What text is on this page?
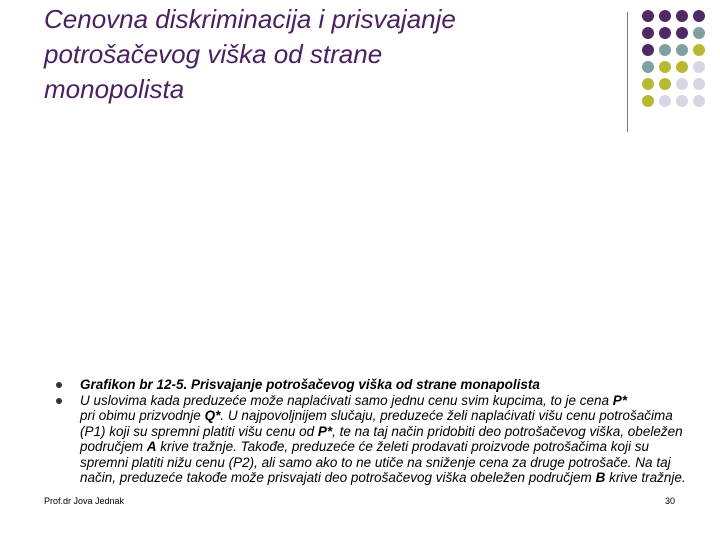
Cenovna diskriminacija i prisvajanje
potrošačevog viška od strane
monopolista
Grafikon br 12-5. Prisvajanje potrošačevog viška od strane monapolista
U uslovima kada preduzeće može naplaćivati samo jednu cenu svim kupcima, to je cena P*
pri obimu prizvodnje Q*. U najpovoljnijem slučaju, preduzeće želi naplaćivati višu cenu potrošačima (P1) koji su spremni platiti višu cenu od P*, te na taj način pridobiti deo potrošačevog viška, obeležen područjem A krive tražnje. Takođe, preduzeće će želeti prodavati proizvode potrošačima koji su spremni platiti nižu cenu (P2), ali samo ako to ne utiče na sniženje cena za druge potrošače. Na taj način, preduzeće takođe može prisvajati deo potrošačevog viška obeležen područjem B krive tražnje.
Prof.dr Jova Jednak	30
